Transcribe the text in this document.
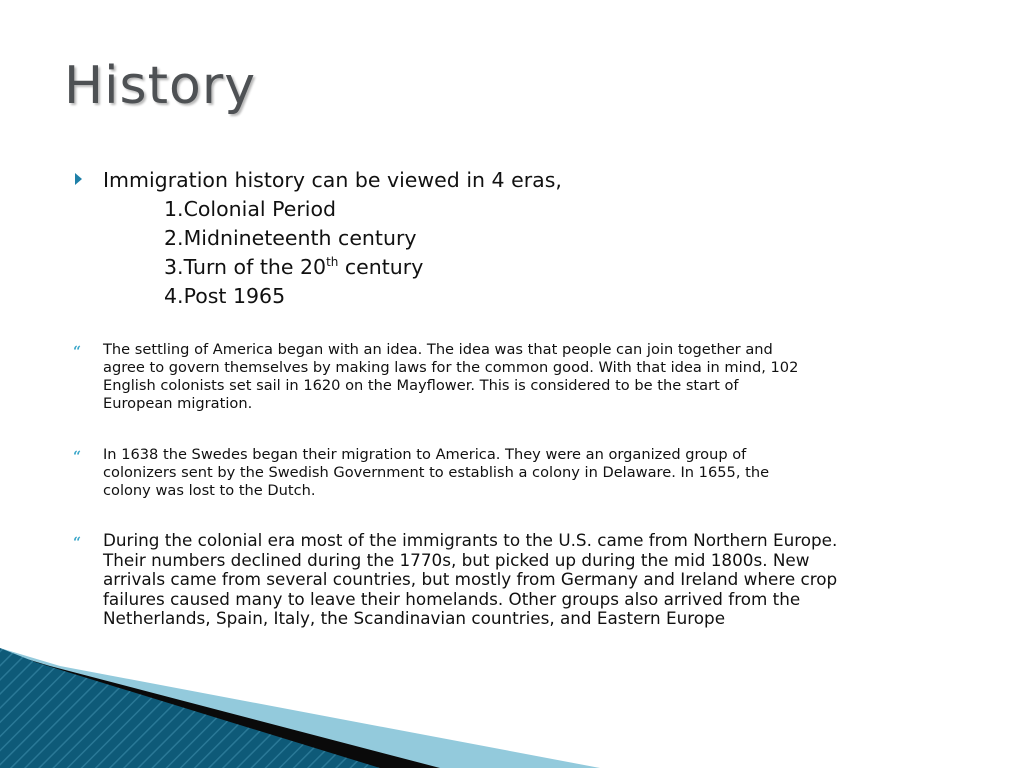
History
Immigration history can be viewed in 4 eras,
1.Colonial Period
2.Midnineteenth century
3.Turn of the 20th century
4.Post 1965
“ The settling of America began with an idea. The idea was that people can join together and
agree to govern themselves by making laws for the common good. With that idea in mind, 102
English colonists set sail in 1620 on the Mayflower. This is considered to be the start of
European migration.
“ In 1638 the Swedes began their migration to America. They were an organized group of
colonizers sent by the Swedish Government to establish a colony in Delaware. In 1655, the
colony was lost to the Dutch.
“ During the colonial era most of the immigrants to the U.S. came from Northern Europe.
Their numbers declined during the 1770s, but picked up during the mid 1800s. New
arrivals came from several countries, but mostly from Germany and Ireland where crop
failures caused many to leave their homelands. Other groups also arrived from the
Netherlands, Spain, Italy, the Scandinavian countries, and Eastern Europe
